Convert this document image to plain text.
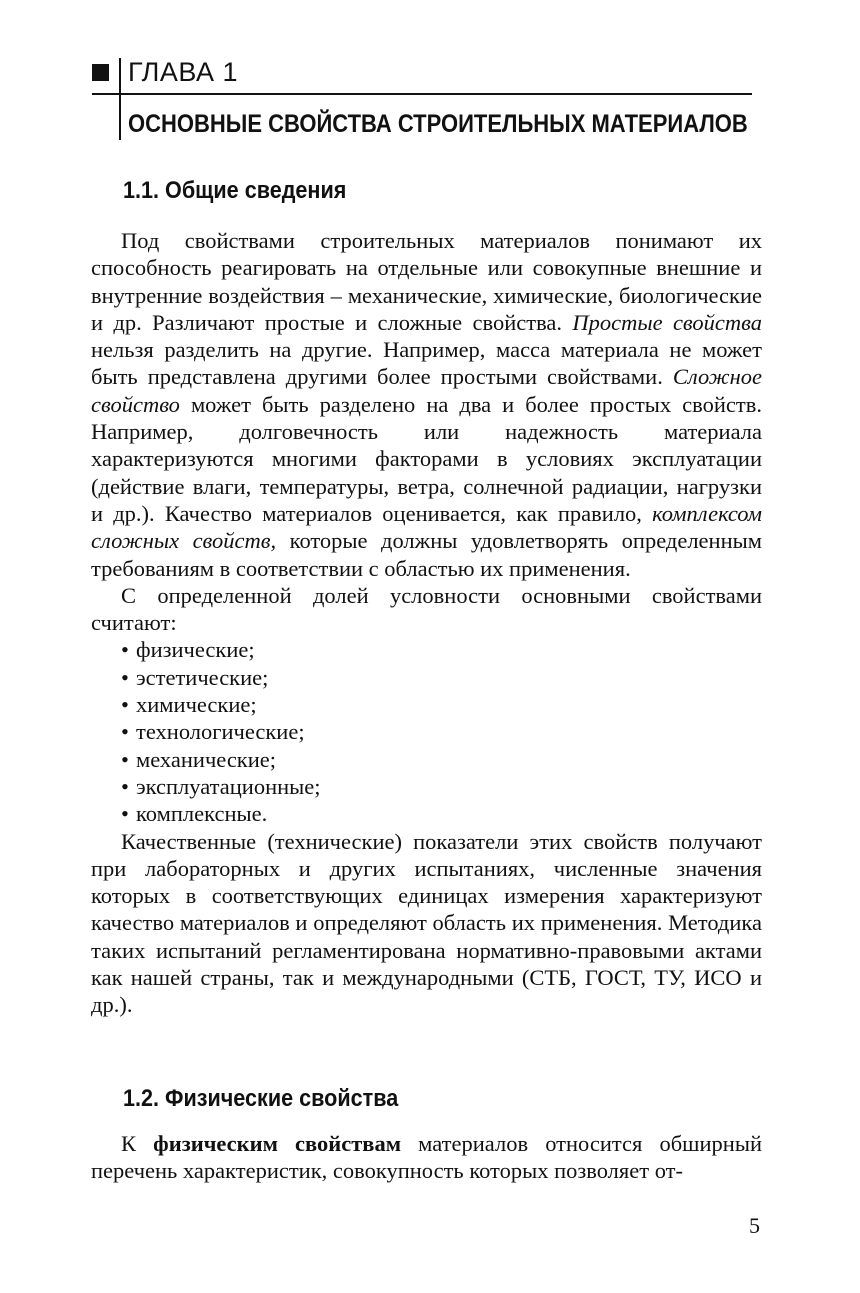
ГЛАВА 1
ОСНОВНЫЕ СВОЙСТВА СТРОИТЕЛЬНЫХ МАТЕРИАЛОВ
1.1. Общие сведения

Под свойствами строительных материалов понимают их способность реагировать на отдельные или совокупные внешние и внутренние воздействия – механические, химические, биологические и др. Различают простые и сложные свойства. Простые свойства нельзя разделить на другие. Например, масса материала не может быть представлена другими более простыми свойствами. Сложное свойство может быть разделено на два и более простых свойств. Например, долговечность или надежность материала характеризуются многими факторами в условиях эксплуатации (действие влаги, температуры, ветра, солнечной радиации, нагрузки и др.). Качество материалов оценивается, как правило, комплексом сложных свойств, которые должны удовлетворять определенным требованиям в соответствии с областью их применения.

С определенной долей условности основными свойствами считают:

• физические;
• эстетические;
• химические;
• технологические;
• механические;
• эксплуатационные;
• комплексные.

Качественные (технические) показатели этих свойств получают при лабораторных и других испытаниях, численные значения которых в соответствующих единицах измерения характеризуют качество материалов и определяют область их применения. Методика таких испытаний регламентирована нормативно-правовыми актами как нашей страны, так и международными (СТБ, ГОСТ, ТУ, ИСО и др.).

1.2. Физические свойства

К физическим свойствам материалов относится обширный перечень характеристик, совокупность которых позволяет от-

5
